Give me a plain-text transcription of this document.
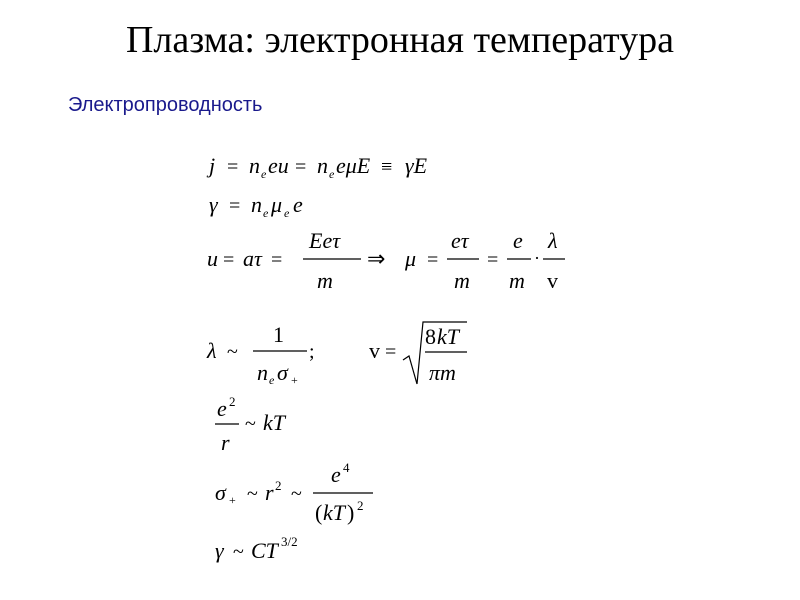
Плазма: электронная температура
Электропроводность
j = n e eu = n e eμE ≡ γE
γ = n e μ e e
u = aτ =
Eeτ
m
⇒ μ =
eτ
m
=
e
m
·
λ
v
λ ~
1
n e σ +
; v =
8 kT
πm
e 2
r
~ kT
σ + ~ r 2 ~
e 4
( kT ) 2
γ ~ CT 3/2
